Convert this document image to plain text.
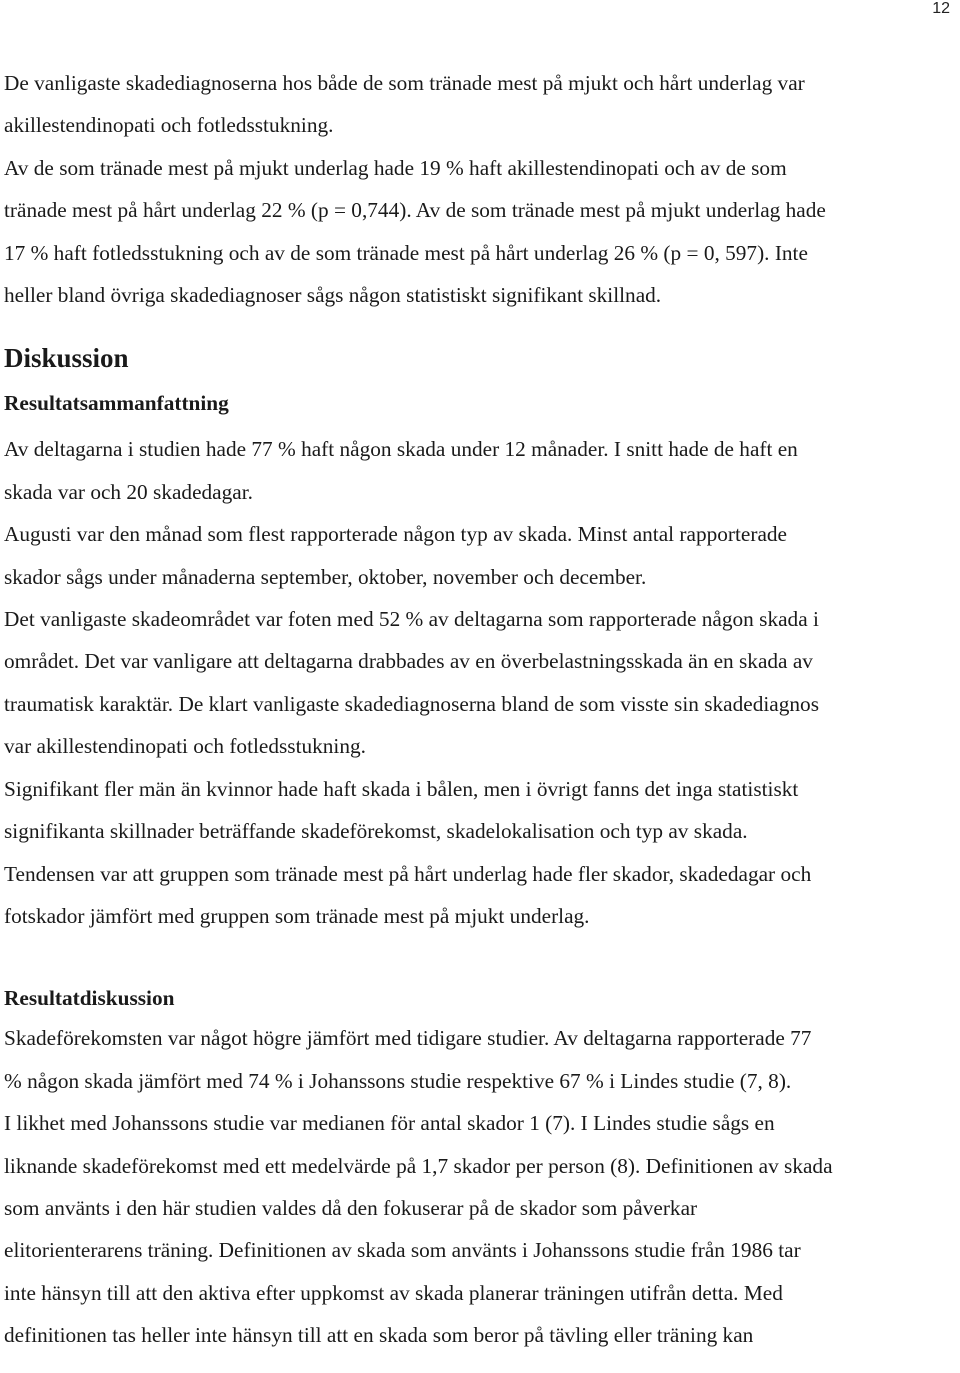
12

De vanligaste skadediagnoserna hos både de som tränade mest på mjukt och hårt underlag var

akillestendinopati och fotledsstukning.

Av de som tränade mest på mjukt underlag hade 19 % haft akillestendinopati och av de som

tränade mest på hårt underlag 22 % (p = 0,744). Av de som tränade mest på mjukt underlag hade

17 % haft fotledsstukning och av de som tränade mest på hårt underlag 26 % (p = 0, 597). Inte

heller bland övriga skadediagnoser sågs någon statistiskt signifikant skillnad.

Diskussion
Resultatsammanfattning

Av deltagarna i studien hade 77 % haft någon skada under 12 månader. I snitt hade de haft en

skada var och 20 skadedagar.

Augusti var den månad som flest rapporterade någon typ av skada. Minst antal rapporterade

skador sågs under månaderna september, oktober, november och december.

Det vanligaste skadeområdet var foten med 52 % av deltagarna som rapporterade någon skada i

området. Det var vanligare att deltagarna drabbades av en överbelastningsskada än en skada av

traumatisk karaktär. De klart vanligaste skadediagnoserna bland de som visste sin skadediagnos

var akillestendinopati och fotledsstukning.

Signifikant fler män än kvinnor hade haft skada i bålen, men i övrigt fanns det inga statistiskt

signifikanta skillnader beträffande skadeförekomst, skadelokalisation och typ av skada.

Tendensen var att gruppen som tränade mest på hårt underlag hade fler skador, skadedagar och

fotskador jämfört med gruppen som tränade mest på mjukt underlag.

Resultatdiskussion

Skadeförekomsten var något högre jämfört med tidigare studier. Av deltagarna rapporterade 77

% någon skada jämfört med 74 % i Johanssons studie respektive 67 % i Lindes studie (7, 8).

I likhet med Johanssons studie var medianen för antal skador 1 (7). I Lindes studie sågs en

liknande skadeförekomst med ett medelvärde på 1,7 skador per person (8). Definitionen av skada

som använts i den här studien valdes då den fokuserar på de skador som påverkar

elitorienterarens träning. Definitionen av skada som använts i Johanssons studie från 1986 tar

inte hänsyn till att den aktiva efter uppkomst av skada planerar träningen utifrån detta. Med

definitionen tas heller inte hänsyn till att en skada som beror på tävling eller träning kan
